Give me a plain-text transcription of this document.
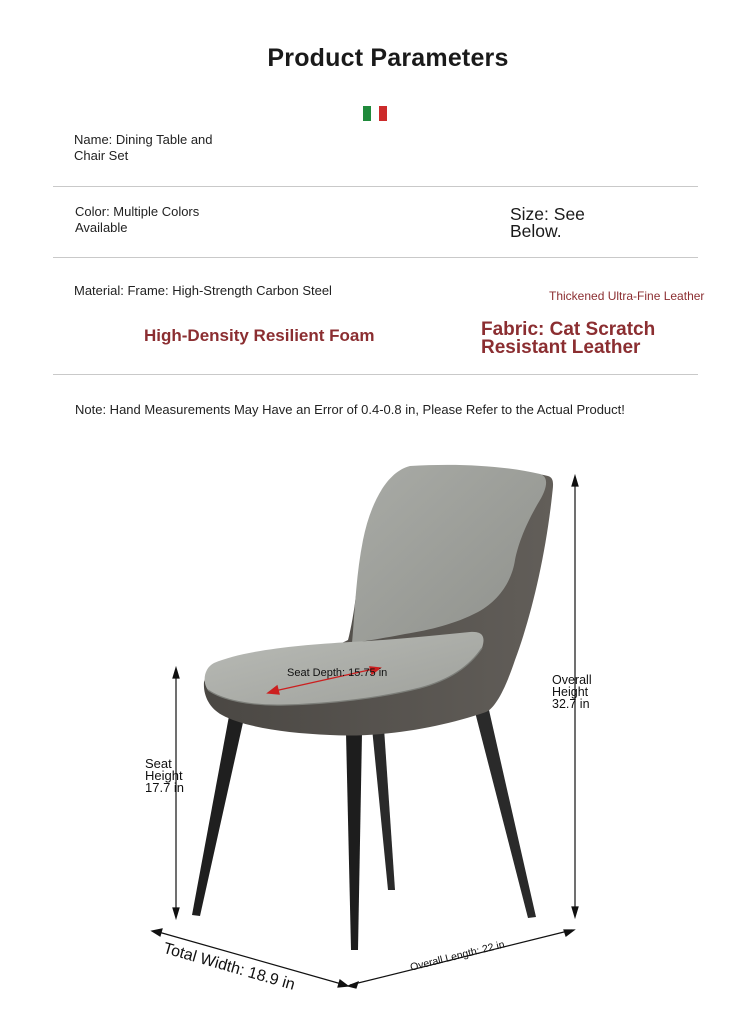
Product Parameters
Name: Dining Table and Chair Set
Color: Multiple Colors Available
Size: See Below.
Material: Frame: High-Strength Carbon Steel	Thickened Ultra-Fine Leather
High-Density Resilient Foam	Fabric: Cat Scratch Resistant Leather
Note: Hand Measurements May Have an Error of 0.4-0.8 in, Please Refer to the Actual Product!
Seat Depth: 15.75 in	Overall Height 32.7 in
Seat Height 17.7 in
Total Width: 18.9 in	Overall Length: 22 in
